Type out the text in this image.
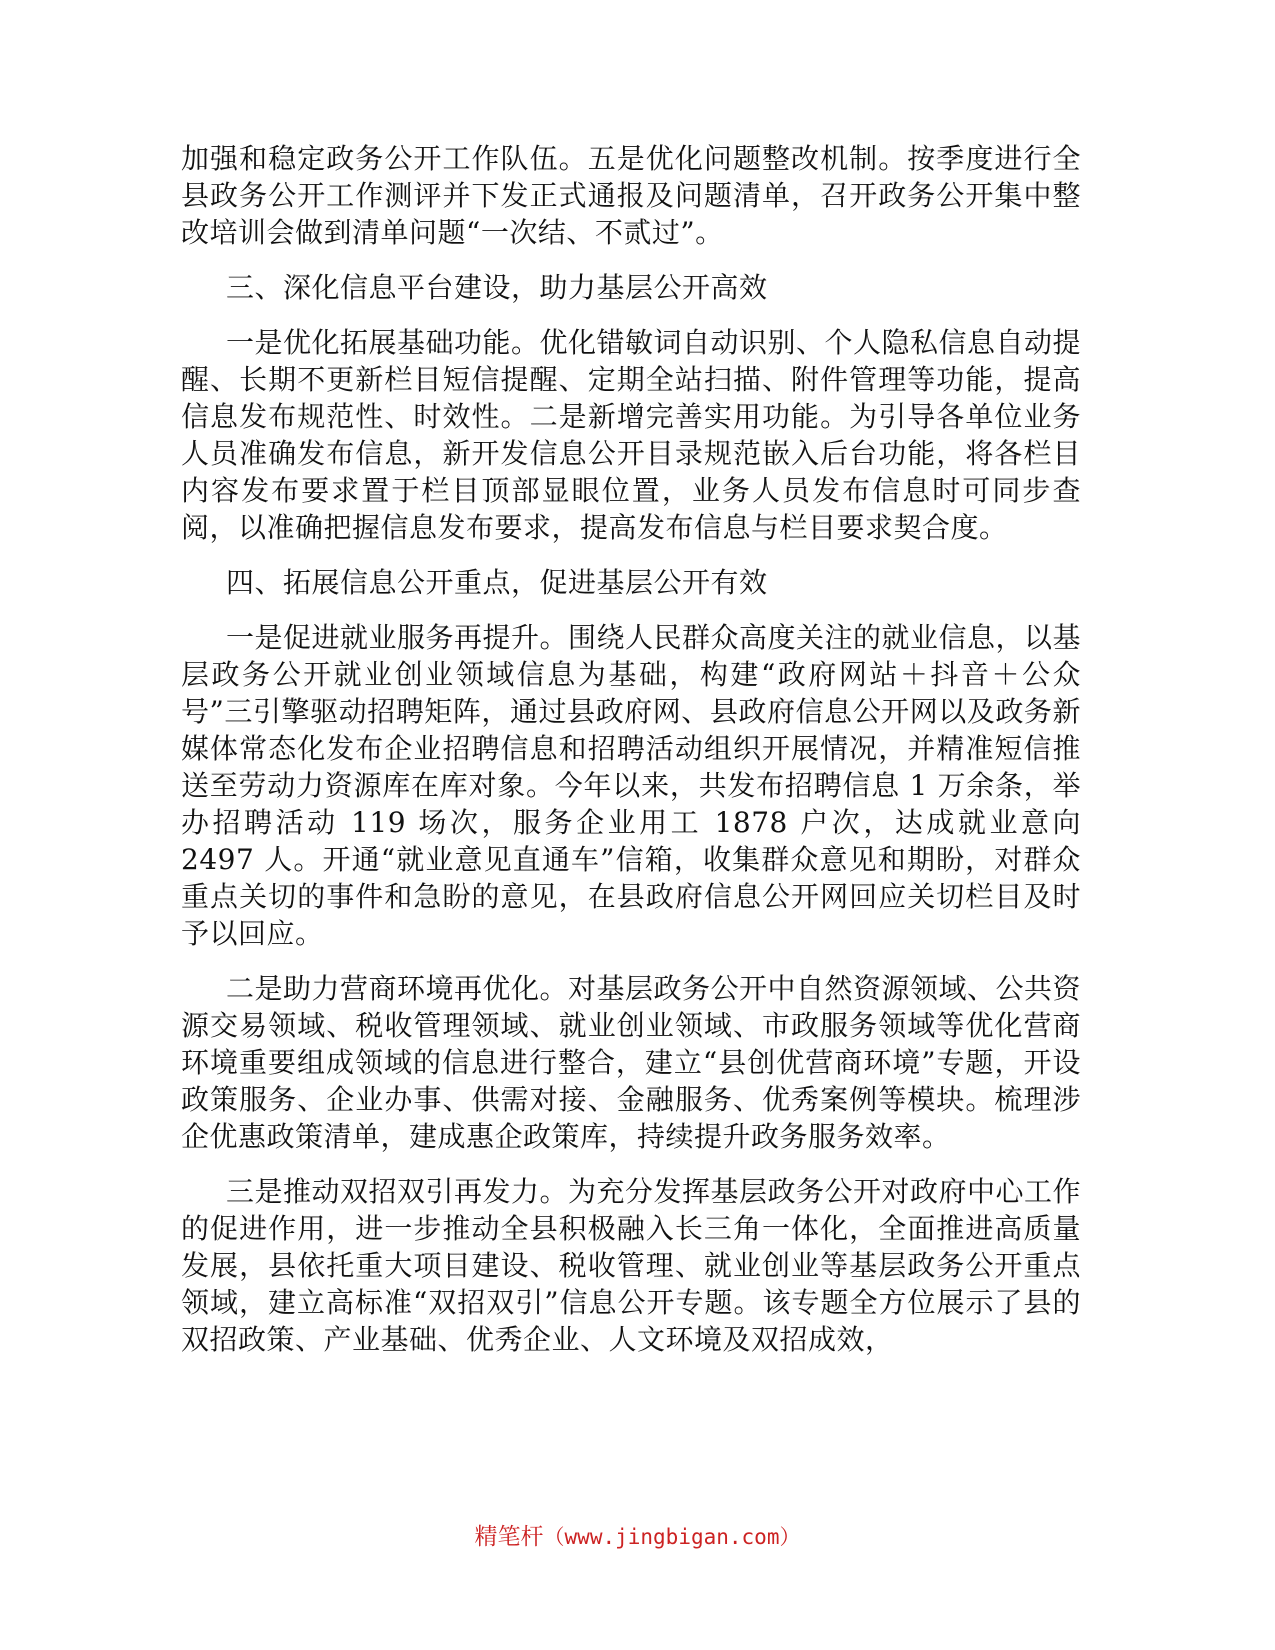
加强和稳定政务公开工作队伍。五是优化问题整改机制。按季度进行全县政务公开工作测评并下发正式通报及问题清单，召开政务公开集中整改培训会做到清单问题“一次结、不贰过”。

三、深化信息平台建设，助力基层公开高效

一是优化拓展基础功能。优化错敏词自动识别、个人隐私信息自动提醒、长期不更新栏目短信提醒、定期全站扫描、附件管理等功能，提高信息发布规范性、时效性。二是新增完善实用功能。为引导各单位业务人员准确发布信息，新开发信息公开目录规范嵌入后台功能，将各栏目内容发布要求置于栏目顶部显眼位置，业务人员发布信息时可同步查阅，以准确把握信息发布要求，提高发布信息与栏目要求契合度。

四、拓展信息公开重点，促进基层公开有效

一是促进就业服务再提升。围绕人民群众高度关注的就业信息，以基层政务公开就业创业领域信息为基础，构建“政府网站＋抖音＋公众号”三引擎驱动招聘矩阵，通过县政府网、县政府信息公开网以及政务新媒体常态化发布企业招聘信息和招聘活动组织开展情况，并精准短信推送至劳动力资源库在库对象。今年以来，共发布招聘信息 1 万余条，举办招聘活动 119 场次，服务企业用工 1878 户次，达成就业意向 2497 人。开通“就业意见直通车”信箱，收集群众意见和期盼，对群众重点关切的事件和急盼的意见，在县政府信息公开网回应关切栏目及时予以回应。

二是助力营商环境再优化。对基层政务公开中自然资源领域、公共资源交易领域、税收管理领域、就业创业领域、市政服务领域等优化营商环境重要组成领域的信息进行整合，建立“县创优营商环境”专题，开设政策服务、企业办事、供需对接、金融服务、优秀案例等模块。梳理涉企优惠政策清单，建成惠企政策库，持续提升政务服务效率。

三是推动双招双引再发力。为充分发挥基层政务公开对政府中心工作的促进作用，进一步推动全县积极融入长三角一体化，全面推进高质量发展，县依托重大项目建设、税收管理、就业创业等基层政务公开重点领域，建立高标准“双招双引”信息公开专题。该专题全方位展示了县的双招政策、产业基础、优秀企业、人文环境及双招成效，

精笔杆（www.jingbigan.com）
